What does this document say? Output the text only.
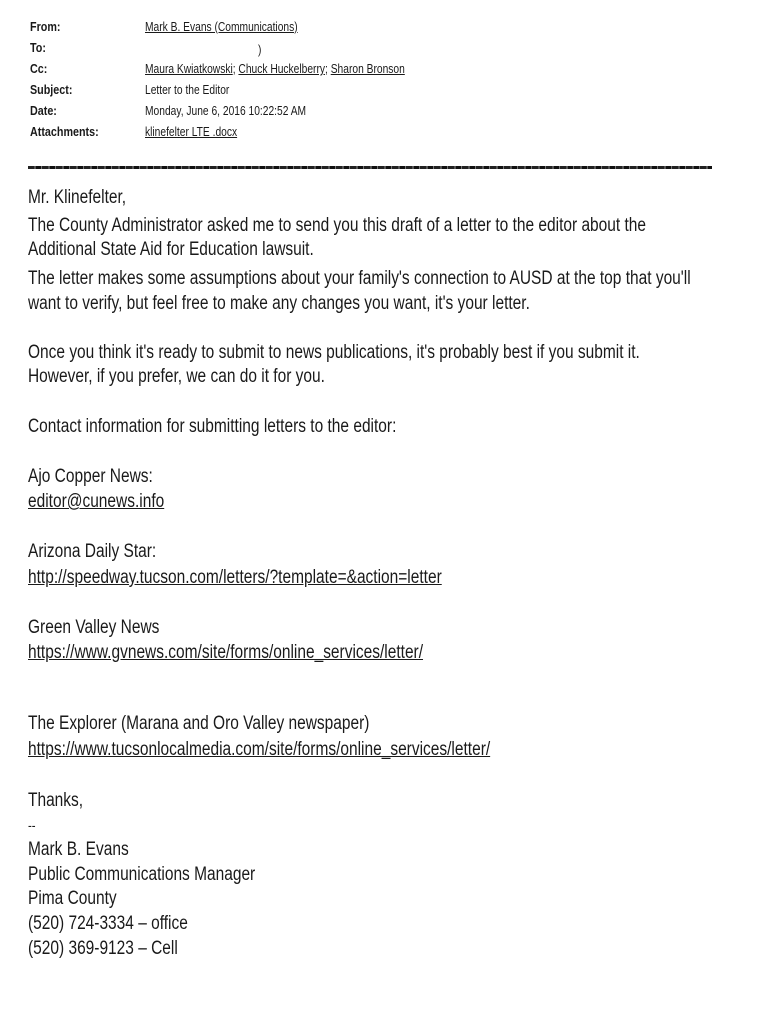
From:	Mark B. Evans (Communications)
To:	)
Cc:	Maura Kwiatkowski; Chuck Huckelberry; Sharon Bronson
Subject:	Letter to the Editor
Date:	Monday, June 6, 2016 10:22:52 AM
Attachments:	klinefelter LTE .docx
Mr. Klinefelter,
The County Administrator asked me to send you this draft of a letter to the editor about the
Additional State Aid for Education lawsuit.
The letter makes some assumptions about your family's connection to AUSD at the top that you'll
want to verify, but feel free to make any changes you want, it's your letter.
Once you think it's ready to submit to news publications, it's probably best if you submit it.
However, if you prefer, we can do it for you.
Contact information for submitting letters to the editor:
Ajo Copper News:
editor@cunews.info
Arizona Daily Star:
http://speedway.tucson.com/letters/?template=&action=letter
Green Valley News
https://www.gvnews.com/site/forms/online_services/letter/
The Explorer (Marana and Oro Valley newspaper)
https://www.tucsonlocalmedia.com/site/forms/online_services/letter/
Thanks,
--
Mark B. Evans
Public Communications Manager
Pima County
(520) 724-3334 – office
(520) 369-9123 – Cell
